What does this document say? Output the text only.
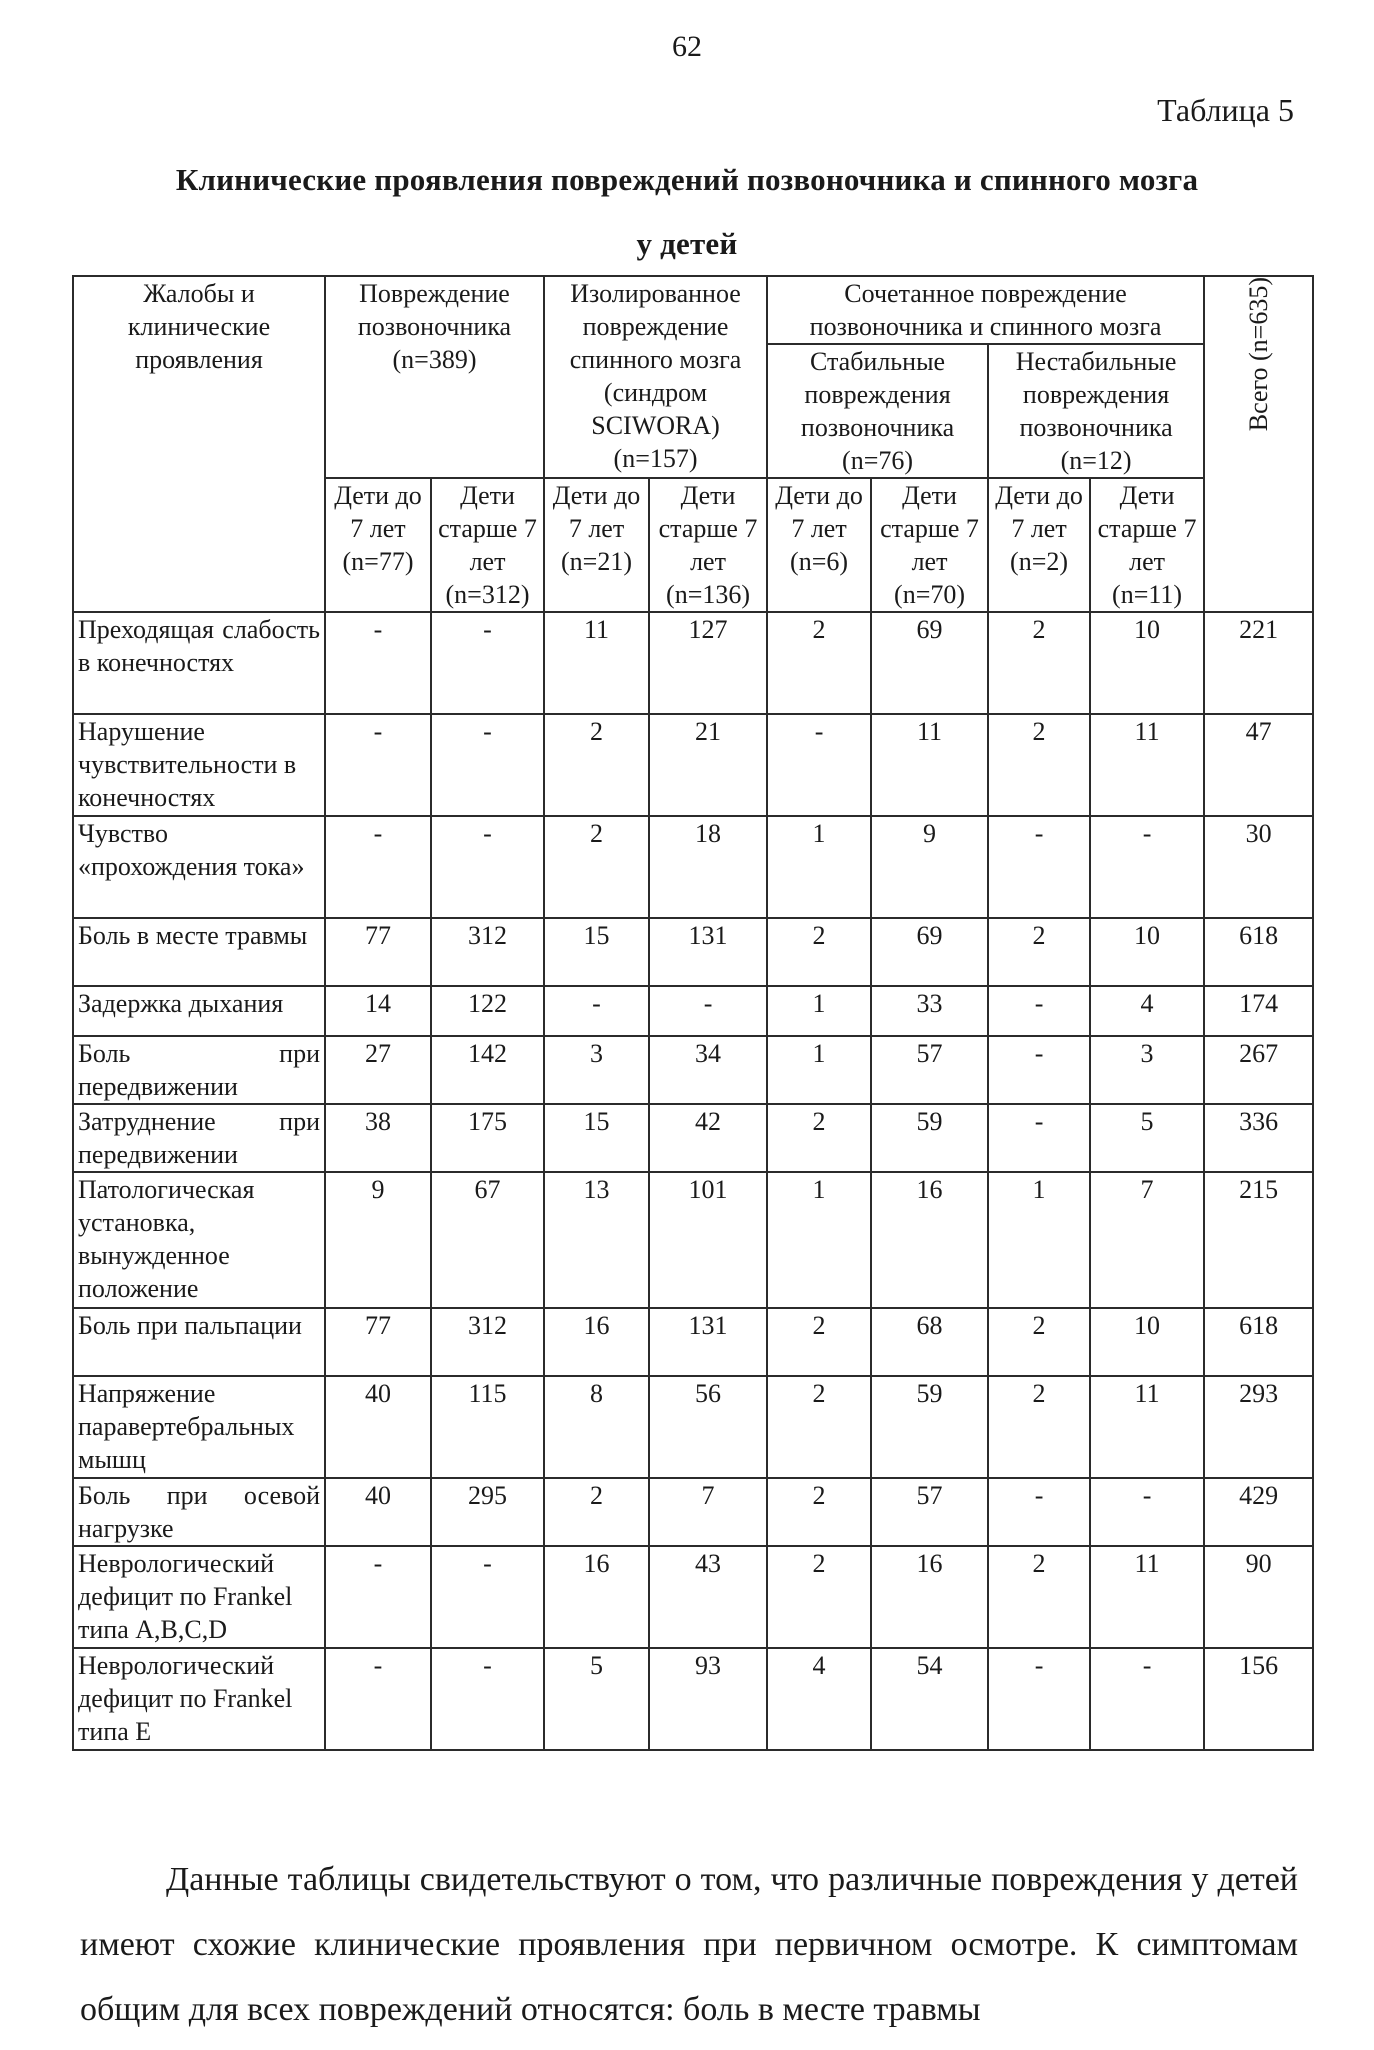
62
Таблица 5
Клинические проявления повреждений позвоночника и спинного мозга
у детей
Жалобы и клинические проявления	Повреждение позвоночника (n=389)		Изолированное повреждение спинного мозга (синдром SCIWORA) (n=157)		Сочетанное повреждение позвоночника и спинного мозга				Всего (n=635)
					Стабильные повреждения позвоночника (n=76)		Нестабильные повреждения позвоночника (n=12)		
	Дети до 7 лет (n=77)	Дети старше 7 лет (n=312)	Дети до 7 лет (n=21)	Дети старше 7 лет (n=136)	Дети до 7 лет (n=6)	Дети старше 7 лет (n=70)	Дети до 7 лет (n=2)	Дети старше 7 лет (n=11)	
Преходящая слабость в конечностях	-	-	11	127	2	69	2	10	221
Нарушение чувствительности в конечностях	-	-	2	21	-	11	2	11	47
Чувство «прохождения тока»	-	-	2	18	1	9	-	-	30
Боль в месте травмы	77	312	15	131	2	69	2	10	618
Задержка дыхания	14	122	-	-	1	33	-	4	174
Боль при передвижении	27	142	3	34	1	57	-	3	267
Затруднение при передвижении	38	175	15	42	2	59	-	5	336
Патологическая установка, вынужденное положение	9	67	13	101	1	16	1	7	215
Боль при пальпации	77	312	16	131	2	68	2	10	618
Напряжение паравертебральных мышц	40	115	8	56	2	59	2	11	293
Боль при осевой нагрузке	40	295	2	7	2	57	-	-	429
Неврологический дефицит по Frankel типа A,B,C,D	-	-	16	43	2	16	2	11	90
Неврологический дефицит по Frankel типа E	-	-	5	93	4	54	-	-	156

Данные таблицы свидетельствуют о том, что различные повреждения у детей имеют схожие клинические проявления при первичном осмотре. К симптомам общим для всех повреждений относятся: боль в месте травмы
